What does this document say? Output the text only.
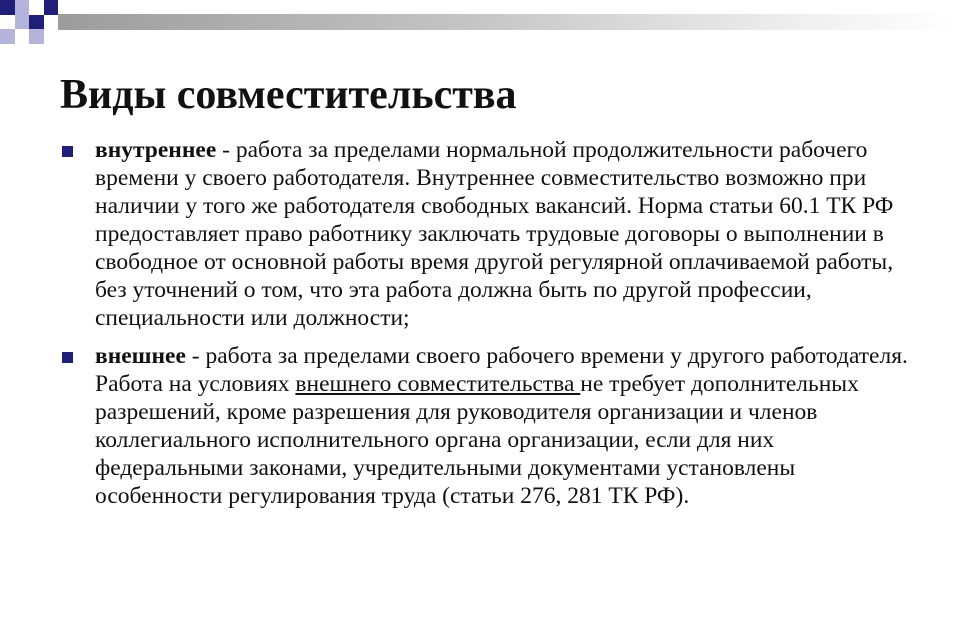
Виды совместительства
внутреннее - работа за пределами нормальной продолжительности рабочего времени у своего работодателя. Внутреннее совместительство возможно при наличии у того же работодателя свободных вакансий. Норма статьи 60.1 ТК РФ предоставляет право работнику заключать трудовые договоры о выполнении в свободное от основной работы время другой регулярной оплачиваемой работы, без уточнений о том, что эта работа должна быть по другой профессии, специальности или должности;
внешнее - работа за пределами своего рабочего времени у другого работодателя. Работа на условиях внешнего совместительства не требует дополнительных разрешений, кроме разрешения для руководителя организации и членов коллегиального исполнительного органа организации, если для них федеральными законами, учредительными документами установлены особенности регулирования труда (статьи 276, 281 ТК РФ).
